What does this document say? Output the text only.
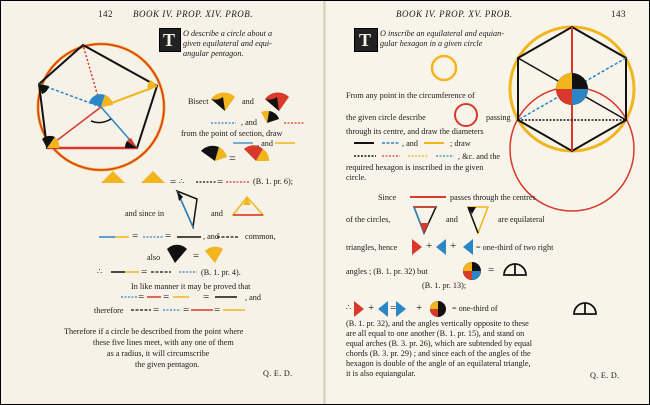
142 BOOK IV. PROP. XIV. PROB.
T O describe a circle about a
given equilateral and equi-
angular pentagon.
Bisect	and
, and
from the point of section, draw
, and
=
∴
=	=	(B. 1. pr. 6);
and since in	and
= =	, and	common,
also	=
∴	=	(B. 1. pr. 4).
In like manner it may be proved that
= =	=	, and
therefore	= = =
Therefore if a circle be described from the point where
these five lines meet, with any one of them
as a radius, it will circumscribe
the given pentagon.
Q. E. D.
BOOK IV. PROP. XV. PROB.	143
T O inscribe an equilateral and equian-
gular hexagon in a given circle
From any point in the circumference of
the given circle describe	passing
through its centre, and draw the diameters
, and	; draw
, &c. and the
required hexagon is inscribed in the given
circle.
Since	passes through the centres
of the circles,	and	are equilateral
triangles, hence	+ + = one-third of two right
angles ; (B. 1. pr. 32) but	=
(B. 1. pr. 13);
∴ + = +	= one-third of
(B. 1. pr. 32), and the angles vertically opposite to these
are all equal to one another (B. 1. pr. 15), and stand on
equal arches (B. 3. pr. 26), which are subtended by equal
chords (B. 3. pr. 29) ; and since each of the angles of the
hexagon is double of the angle of an equilateral triangle,
it is also equiangular.	Q. E. D.
